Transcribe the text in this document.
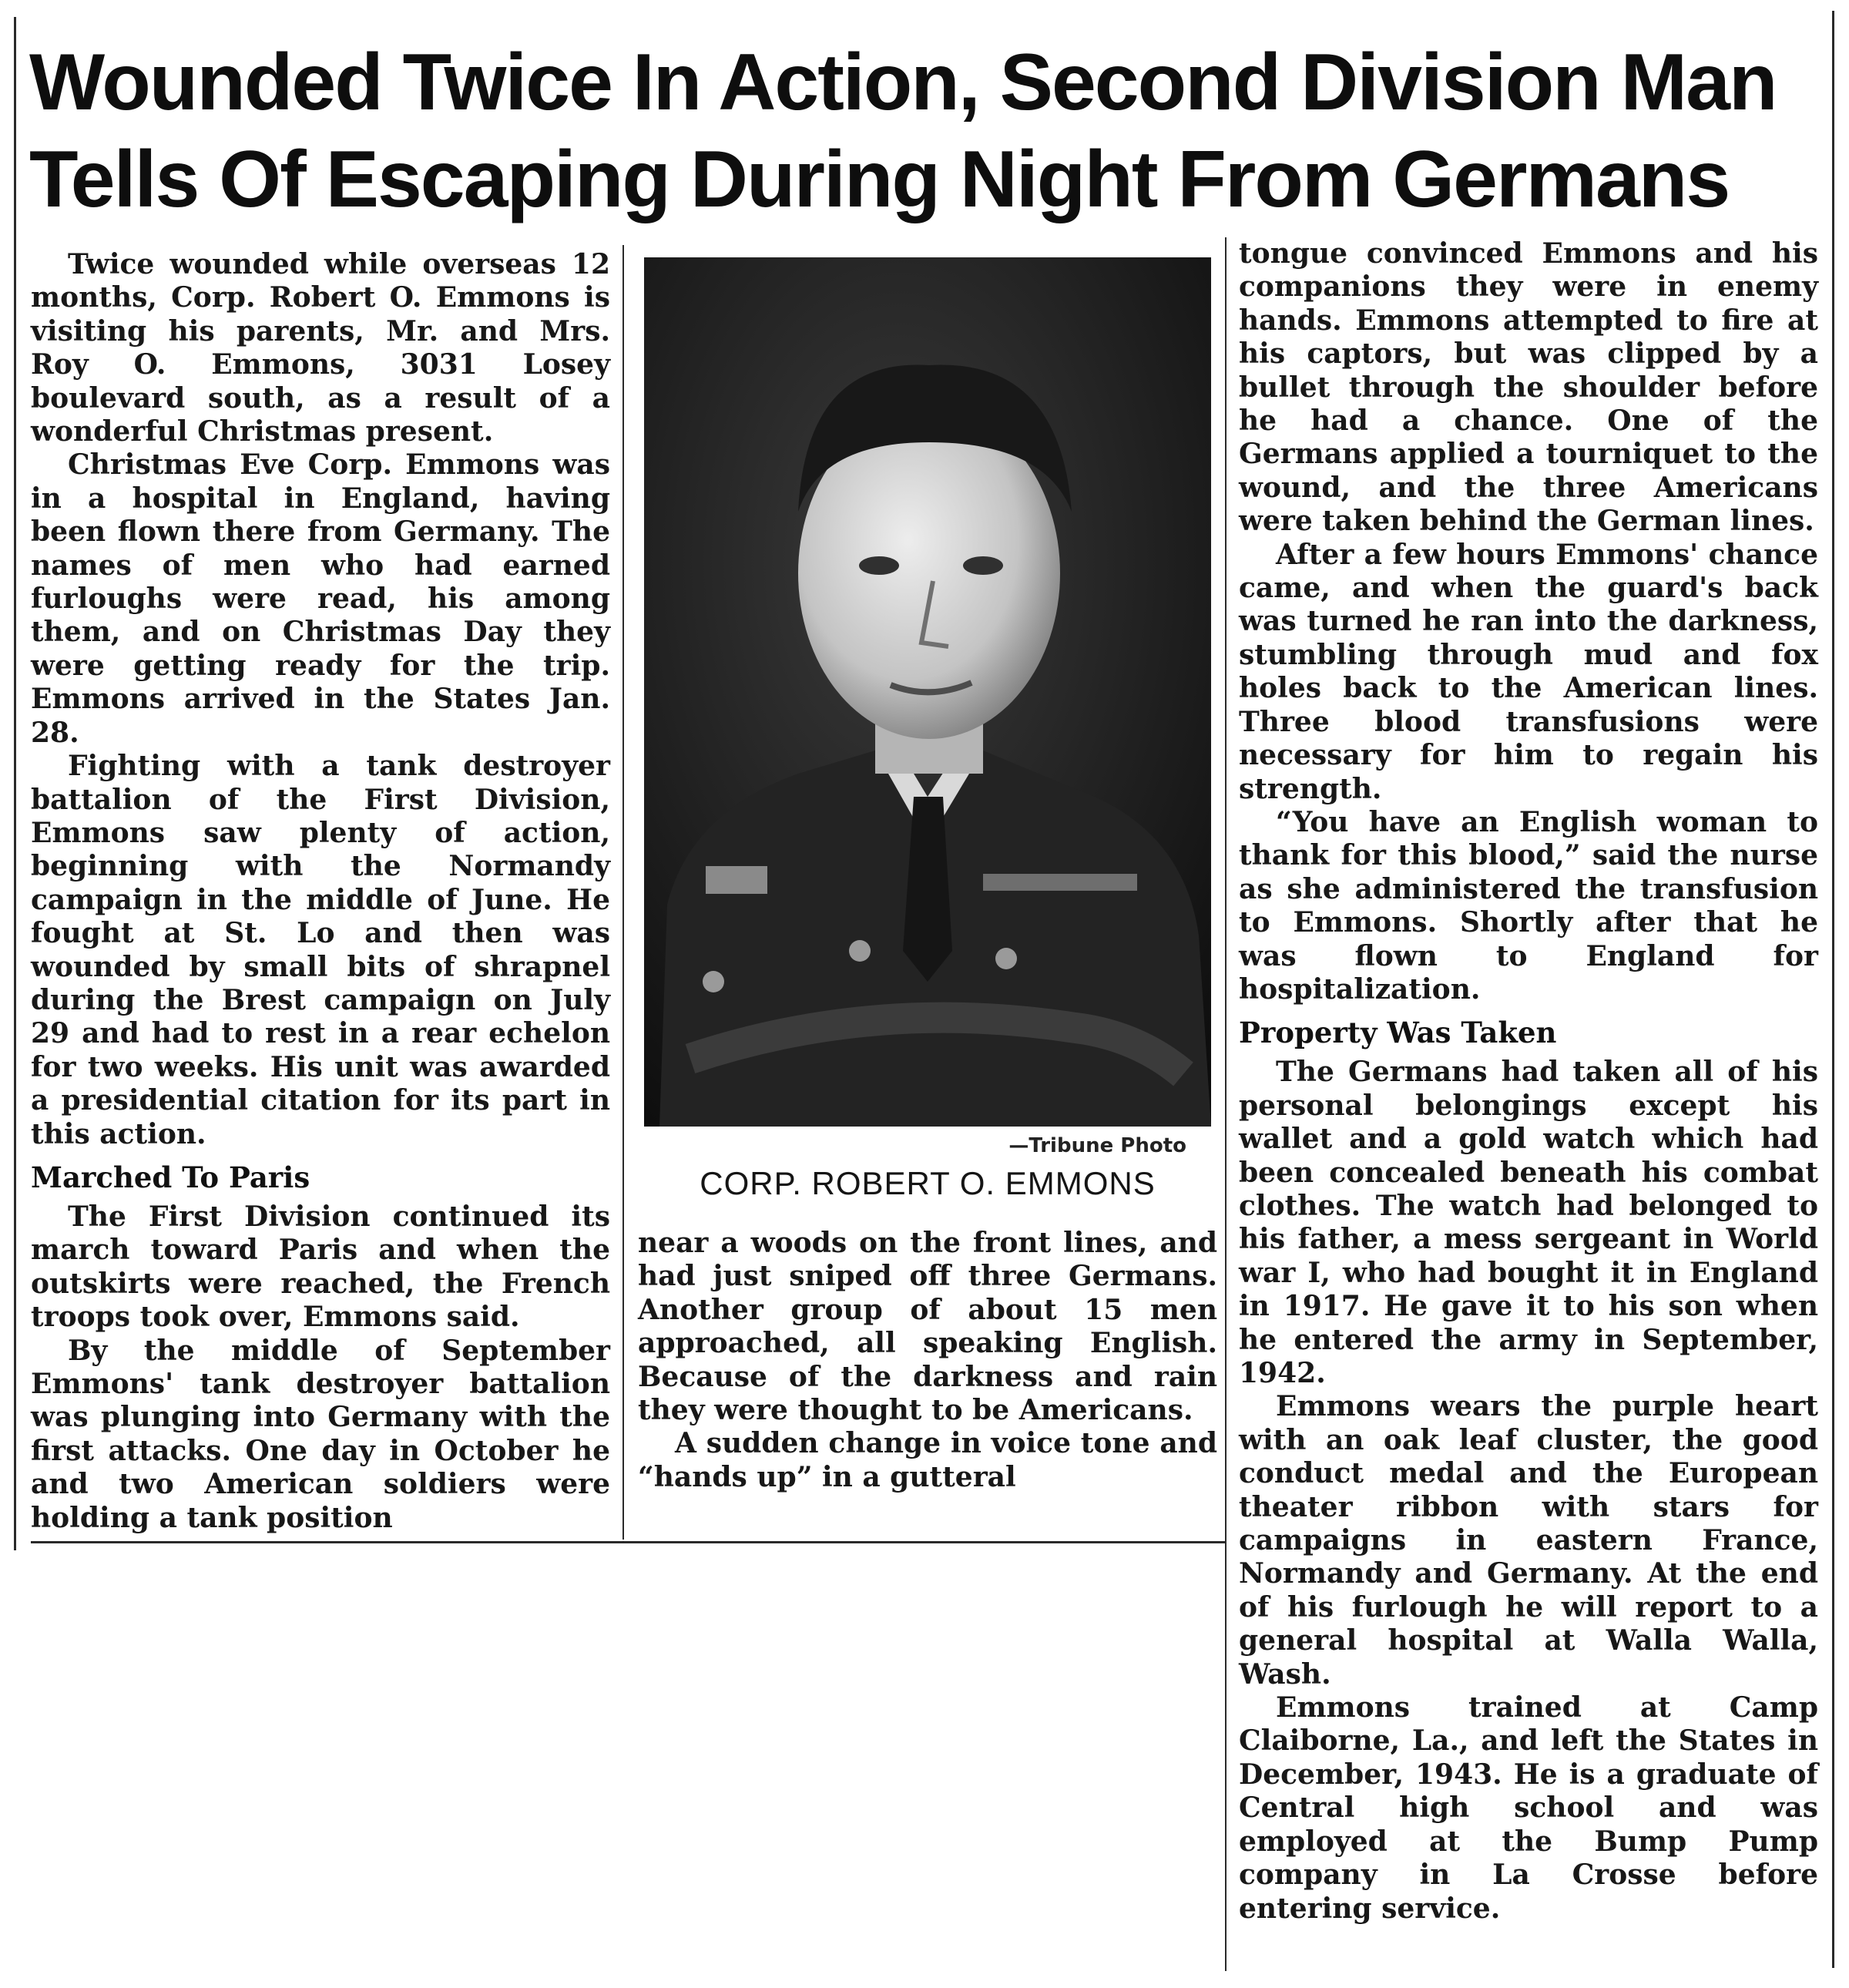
Wounded Twice In Action, Second Division Man
Tells Of Escaping During Night From Germans

Twice wounded while overseas 12 months, Corp. Robert O. Emmons is visiting his parents, Mr. and Mrs. Roy O. Emmons, 3031 Losey boulevard south, as a result of a wonderful Christmas present.

Christmas Eve Corp. Emmons was in a hospital in England, having been flown there from Germany. The names of men who had earned furloughs were read, his among them, and on Christmas Day they were getting ready for the trip. Emmons arrived in the States Jan. 28.

Fighting with a tank destroyer battalion of the First Division, Emmons saw plenty of action, beginning with the Normandy campaign in the middle of June. He fought at St. Lo and then was wounded by small bits of shrapnel during the Brest campaign on July 29 and had to rest in a rear echelon for two weeks. His unit was awarded a presidential citation for its part in this action.

Marched To Paris

The First Division continued its march toward Paris and when the outskirts were reached, the French troops took over, Emmons said.

By the middle of September Emmons' tank destroyer battalion was plunging into Germany with the first attacks. One day in October he and two American soldiers were holding a tank position

—Tribune Photo
CORP. ROBERT O. EMMONS

near a woods on the front lines, and had just sniped off three Germans. Another group of about 15 men approached, all speaking English. Because of the darkness and rain they were thought to be Americans.

A sudden change in voice tone and “hands up” in a gutteral

tongue convinced Emmons and his companions they were in enemy hands. Emmons attempted to fire at his captors, but was clipped by a bullet through the shoulder before he had a chance. One of the Germans applied a tourniquet to the wound, and the three Americans were taken behind the German lines.

After a few hours Emmons' chance came, and when the guard's back was turned he ran into the darkness, stumbling through mud and fox holes back to the American lines. Three blood transfusions were necessary for him to regain his strength.

“You have an English woman to thank for this blood,” said the nurse as she administered the transfusion to Emmons. Shortly after that he was flown to England for hospitalization.

Property Was Taken

The Germans had taken all of his personal belongings except his wallet and a gold watch which had been concealed beneath his combat clothes. The watch had belonged to his father, a mess sergeant in World war I, who had bought it in England in 1917. He gave it to his son when he entered the army in September, 1942.

Emmons wears the purple heart with an oak leaf cluster, the good conduct medal and the European theater ribbon with stars for campaigns in eastern France, Normandy and Germany. At the end of his furlough he will report to a general hospital at Walla Walla, Wash.

Emmons trained at Camp Claiborne, La., and left the States in December, 1943. He is a graduate of Central high school and was employed at the Bump Pump company in La Crosse before entering service.
